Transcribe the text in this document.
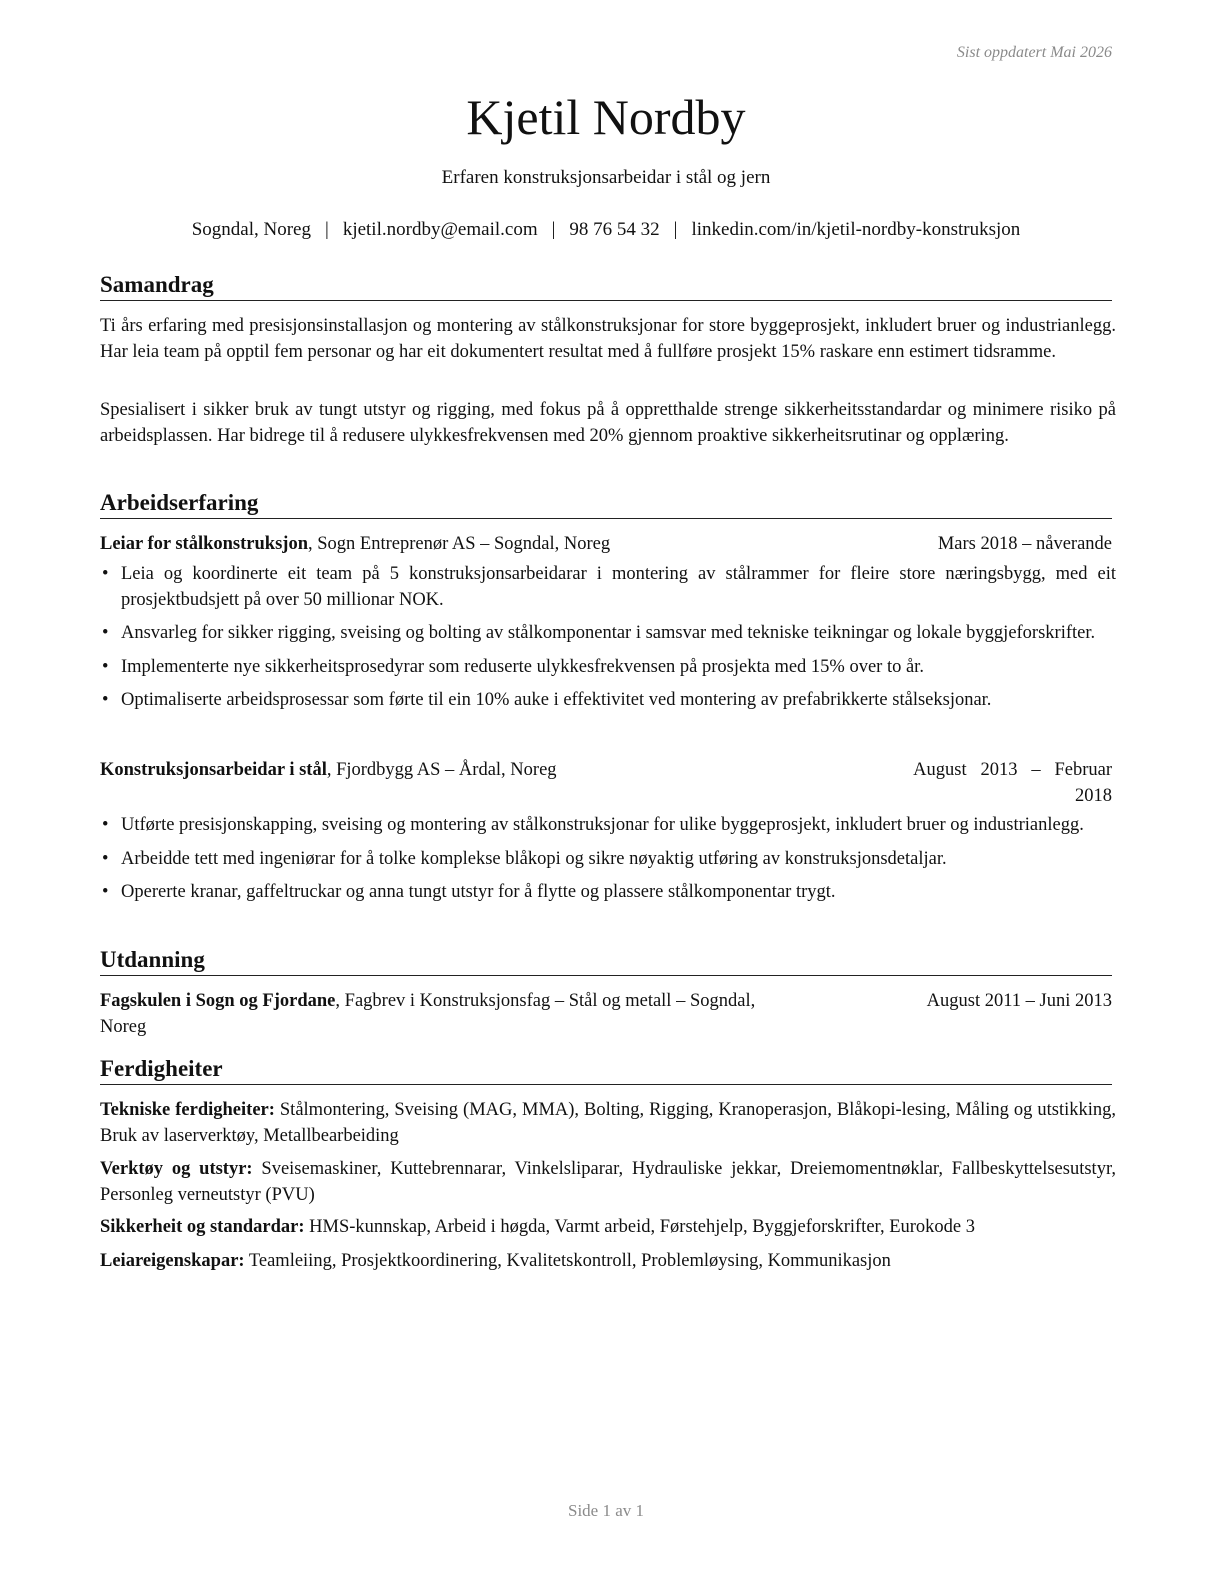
Sist oppdatert Mai 2026
Kjetil Nordby
Erfaren konstruksjonsarbeidar i stål og jern
Sogndal, Noreg | kjetil.nordby@email.com | 98 76 54 32 | linkedin.com/in/kjetil-nordby-konstruksjon
Samandrag
Ti års erfaring med presisjonsinstallasjon og montering av stålkonstruksjonar for store byggeprosjekt, inkludert bruer og industrianlegg. Har leia team på opptil fem personar og har eit dokumentert resultat med å fullføre prosjekt 15% raskare enn estimert tidsramme.
Spesialisert i sikker bruk av tungt utstyr og rigging, med fokus på å oppretthalde strenge sikkerheitsstandardar og minimere risiko på arbeidsplassen. Har bidrege til å redusere ulykkesfrekvensen med 20% gjennom proaktive sikkerheitsrutinar og opplæring.
Arbeidserfaring
Leiar for stålkonstruksjon, Sogn Entreprenør AS – Sogndal, Noreg	Mars 2018 – nåverande
• Leia og koordinerte eit team på 5 konstruksjonsarbeidarar i montering av stålrammer for fleire store næringsbygg, med eit prosjektbudsjett på over 50 millionar NOK.
• Ansvarleg for sikker rigging, sveising og bolting av stålkomponentar i samsvar med tekniske teikningar og lokale byggjeforskrifter.
• Implementerte nye sikkerheitsprosedyrar som reduserte ulykkesfrekvensen på prosjekta med 15% over to år.
• Optimaliserte arbeidsprosessar som førte til ein 10% auke i effektivitet ved montering av prefabrikkerte stålseksjonar.
Konstruksjonsarbeidar i stål, Fjordbygg AS – Årdal, Noreg	August   2013   –   Februar
2018
• Utførte presisjonskapping, sveising og montering av stålkonstruksjonar for ulike byggeprosjekt, inkludert bruer og industrianlegg.
• Arbeidde tett med ingeniørar for å tolke komplekse blåkopi og sikre nøyaktig utføring av konstruksjonsdetaljar.
• Opererte kranar, gaffeltruckar og anna tungt utstyr for å flytte og plassere stålkomponentar trygt.
Utdanning
Fagskulen i Sogn og Fjordane, Fagbrev i Konstruksjonsfag – Stål og metall – Sogndal,
Noreg
August 2011 – Juni 2013
Ferdigheiter
Tekniske ferdigheiter: Stålmontering, Sveising (MAG, MMA), Bolting, Rigging, Kranoperasjon, Blåkopi-lesing, Måling og utstikking, Bruk av laserverktøy, Metallbearbeiding
Verktøy og utstyr: Sveisemaskiner, Kuttebrennarar, Vinkelsliparar, Hydrauliske jekkar, Dreiemomentnøklar, Fallbeskyttelsesutstyr, Personleg verneutstyr (PVU)
Sikkerheit og standardar: HMS-kunnskap, Arbeid i høgda, Varmt arbeid, Førstehjelp, Byggjeforskrifter, Eurokode 3
Leiareigenskapar: Teamleiing, Prosjektkoordinering, Kvalitetskontroll, Problemløysing, Kommunikasjon
Side 1 av 1
